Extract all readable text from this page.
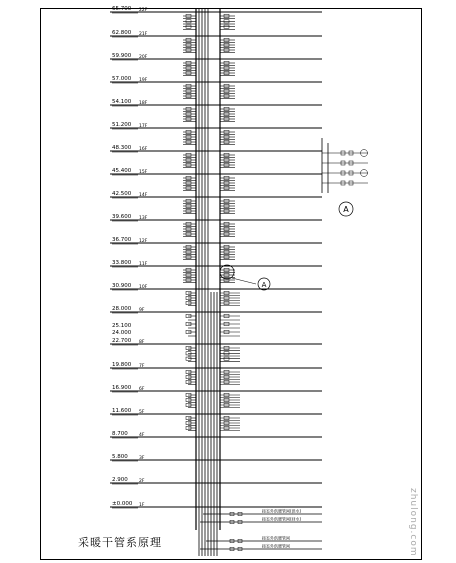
65.700 22F
62.800 21F
59.900 20F
57.000 19F
54.100 18F
51.200 17F
48.300 16F
45.400 15F
42.500 14F
39.600 13F
36.700 12F
33.800 11F
30.900 10F
28.000 9F
22.700 8F
19.800 7F
16.900 6F
11.600 5F
8.700	4F
5.800	3F
2.900	2F
±0.000 1F
25.100
24.000
A
接室外供暖管网(供水)
接室外供暖管网(回水)
接室外供暖管网
接室外供暖管网
A
采暖干管系原理	zhulong.com
